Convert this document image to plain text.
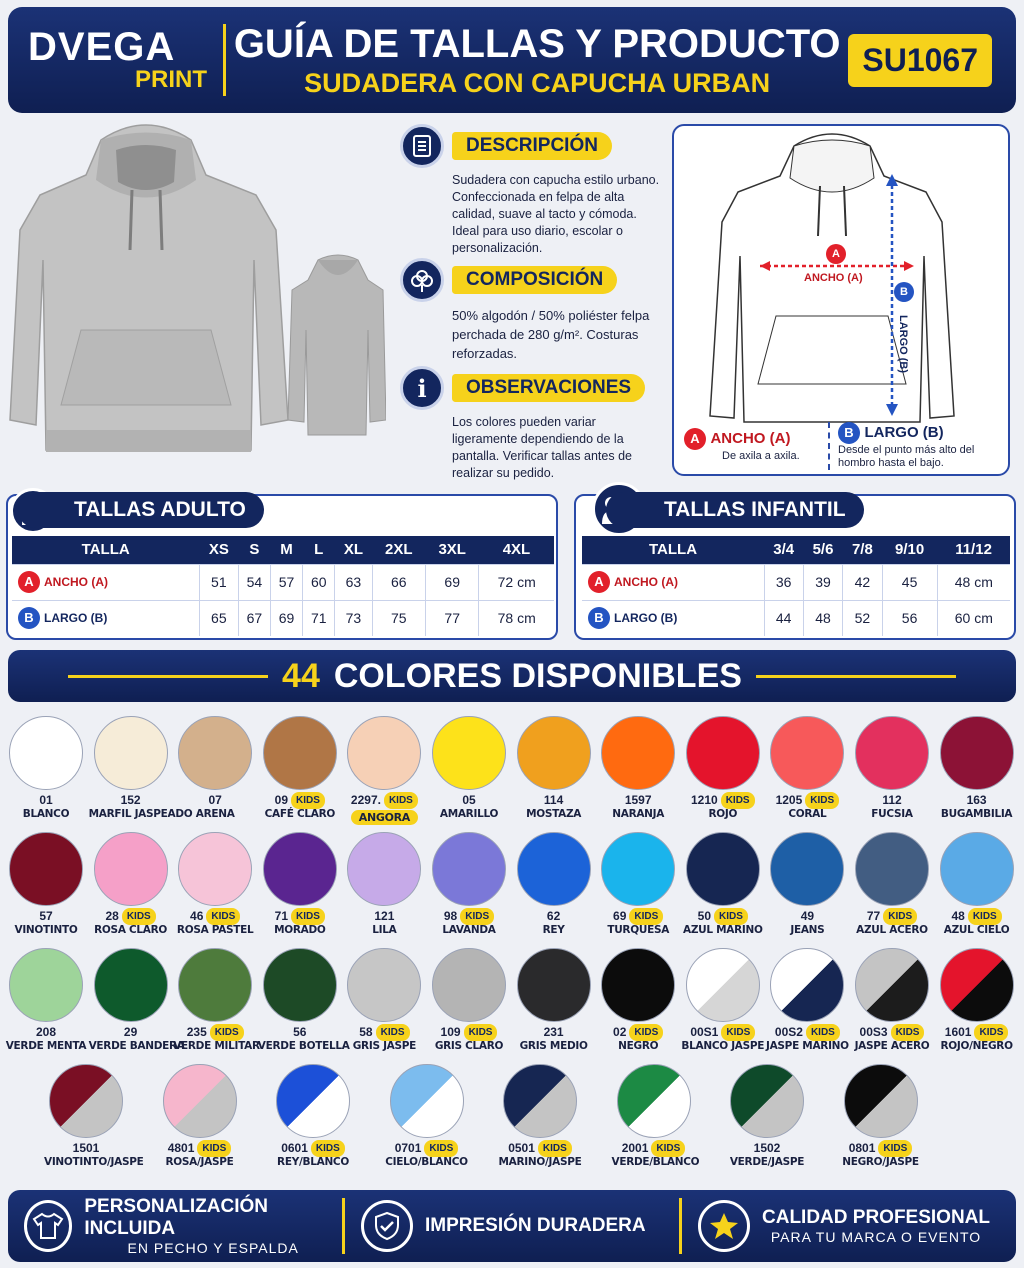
DVEGA
PRINT
GUÍA DE TALLAS Y PRODUCTO
SUDADERA CON CAPUCHA URBAN
SU1067
DESCRIPCIÓN
Sudadera con capucha estilo urbano. Confeccionada en felpa de alta calidad, suave al tacto y cómoda. Ideal para uso diario, escolar o personalización.
COMPOSICIÓN
50% algodón / 50% poliéster felpa perchada de 280 g/m². Costuras reforzadas.
i	OBSERVACIONES
Los colores pueden variar ligeramente dependiendo de la pantalla. Verificar tallas antes de realizar su pedido.
A
ANCHO (A)
B
LARGO (B)
A ANCHO (A)
De axila a axila.
B LARGO (B)
Desde el punto más alto del hombro hasta el bajo.
TALLAS ADULTO
TALLA	XS	S	M	L	XL	2XL	3XL	4XL
A ANCHO (A)	51	54	57	60	63	66	69	72 cm
B LARGO (B)	65	67	69	71	73	75	77	78 cm
TALLAS INFANTIL
TALLA	3/4	5/6	7/8	9/10	11/12
A ANCHO (A)	36	39	42	45	48 cm
B LARGO (B)	44	48	52	56	60 cm
44 COLORES DISPONIBLES
01
BLANCO
152
MARFIL JASPEADO
07
ARENA
09 KIDS
CAFÉ CLARO
2297. KIDS
ANGORA
05
AMARILLO
114
MOSTAZA
1597
NARANJA
1210 KIDS
ROJO
1205 KIDS
CORAL
112
FUCSIA
163
BUGAMBILIA
57
VINOTINTO
28 KIDS
ROSA CLARO
46 KIDS
ROSA PASTEL
71 KIDS
MORADO
121
LILA
98 KIDS
LAVANDA
62
REY
69 KIDS
TURQUESA
50 KIDS
AZUL MARINO
49
JEANS
77 KIDS
AZUL ACERO
48 KIDS
AZUL CIELO
208
VERDE MENTA
29
VERDE BANDERA
235 KIDS
VERDE MILITAR
56
VERDE BOTELLA
58 KIDS
GRIS JASPE
109 KIDS
GRIS CLARO
231
GRIS MEDIO
02 KIDS
NEGRO
00S1 KIDS
BLANCO JASPE
00S2 KIDS
JASPE MARINO
00S3 KIDS
JASPE ACERO
1601 KIDS
ROJO/NEGRO
1501
VINOTINTO/JASPE
4801 KIDS
ROSA/JASPE
0601 KIDS
REY/BLANCO
0701 KIDS
CIELO/BLANCO
0501 KIDS
MARINO/JASPE
2001 KIDS
VERDE/BLANCO
1502
VERDE/JASPE
0801 KIDS
NEGRO/JASPE
PERSONALIZACIÓN INCLUIDA
EN PECHO Y ESPALDA
IMPRESIÓN DURADERA	CALIDAD PROFESIONAL
PARA TU MARCA O EVENTO
